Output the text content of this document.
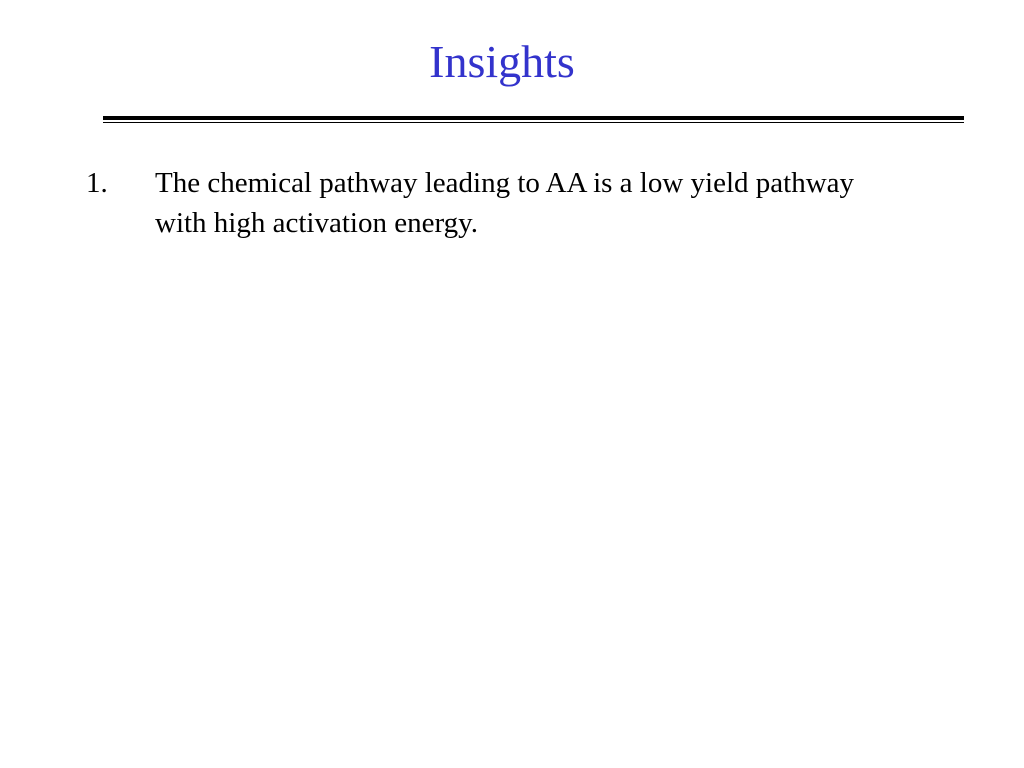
Insights
1. The chemical pathway leading to AA is a low yield pathway with high activation energy.
